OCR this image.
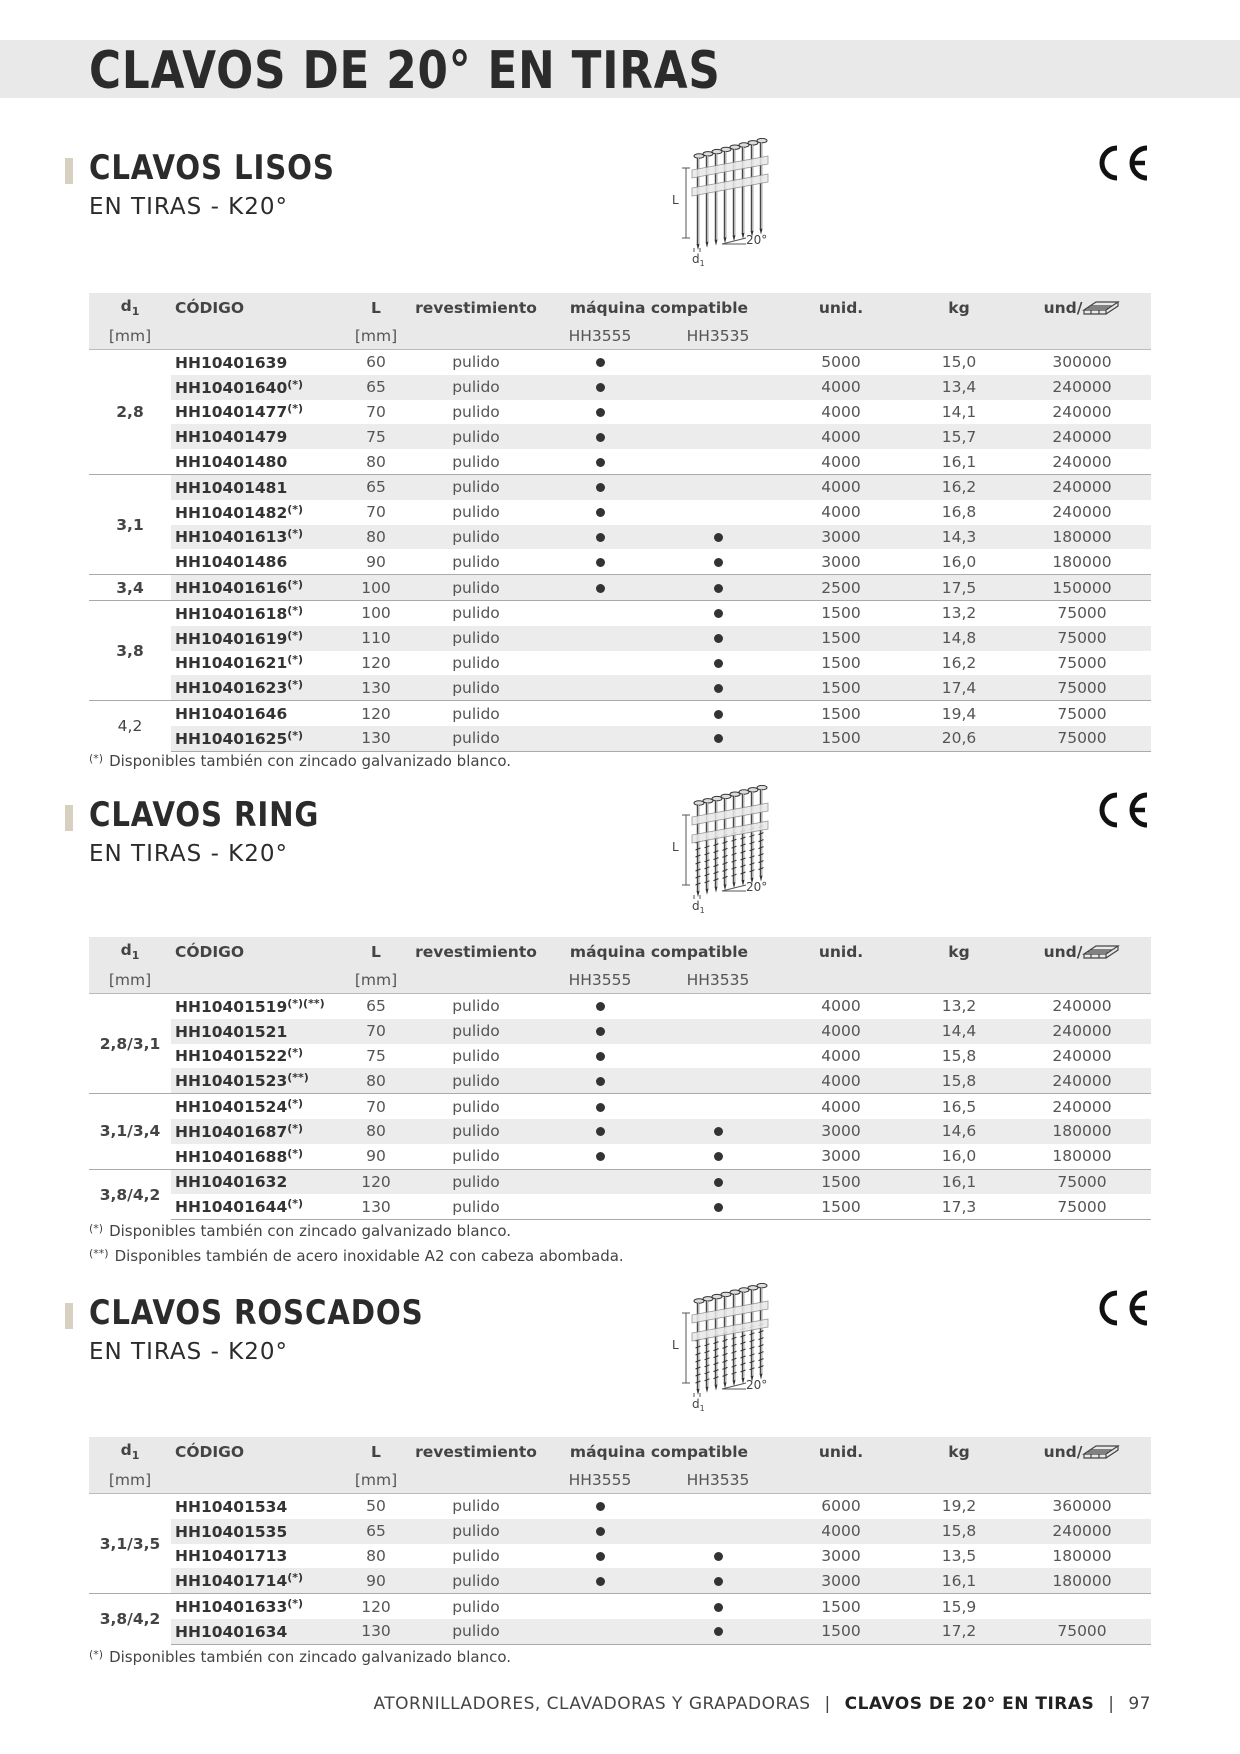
CLAVOS DE 20° EN TIRAS
CLAVOS LISOS
EN TIRAS - K20°	L
$d_1$
20°
$d_1$	CÓDIGO	L	revestimiento	máquina compatible		unid.	kg	und/
[mm]		[mm]		HH3555	HH3535			
2,8	HH10401639	60	pulido			5000	15,0	300000
	HH10401640(*)	65	pulido			4000	13,4	240000
	HH10401477(*)	70	pulido			4000	14,1	240000
	HH10401479	75	pulido			4000	15,7	240000
	HH10401480	80	pulido			4000	16,1	240000
3,1	HH10401481	65	pulido			4000	16,2	240000
	HH10401482(*)	70	pulido			4000	16,8	240000
	HH10401613(*)	80	pulido			3000	14,3	180000
	HH10401486	90	pulido			3000	16,0	180000
3,4	HH10401616(*)	100	pulido			2500	17,5	150000
3,8	HH10401618(*)	100	pulido			1500	13,2	75000
	HH10401619(*)	110	pulido			1500	14,8	75000
	HH10401621(*)	120	pulido			1500	16,2	75000
	HH10401623(*)	130	pulido			1500	17,4	75000
4,2	HH10401646	120	pulido			1500	19,4	75000
	HH10401625(*)	130	pulido			1500	20,6	75000
(*) Disponibles también con zincado galvanizado blanco.
CLAVOS RING
EN TIRAS - K20°	L
$d_1$
20°
$d_1$	CÓDIGO	L	revestimiento	máquina compatible		unid.	kg	und/
[mm]		[mm]		HH3555	HH3535			
2,8/3,1	HH10401519(*)(**)	65	pulido			4000	13,2	240000
	HH10401521	70	pulido			4000	14,4	240000
	HH10401522(*)	75	pulido			4000	15,8	240000
	HH10401523(**)	80	pulido			4000	15,8	240000
3,1/3,4	HH10401524(*)	70	pulido			4000	16,5	240000
	HH10401687(*)	80	pulido			3000	14,6	180000
	HH10401688(*)	90	pulido			3000	16,0	180000
3,8/4,2	HH10401632	120	pulido			1500	16,1	75000
	HH10401644(*)	130	pulido			1500	17,3	75000
(*) Disponibles también con zincado galvanizado blanco.
(**) Disponibles también de acero inoxidable A2 con cabeza abombada.
CLAVOS ROSCADOS
EN TIRAS - K20°	L
$d_1$
20°
$d_1$	CÓDIGO	L	revestimiento	máquina compatible		unid.	kg	und/
[mm]		[mm]		HH3555	HH3535			
3,1/3,5	HH10401534	50	pulido			6000	19,2	360000
	HH10401535	65	pulido			4000	15,8	240000
	HH10401713	80	pulido			3000	13,5	180000
	HH10401714(*)	90	pulido			3000	16,1	180000
3,8/4,2	HH10401633(*)	120	pulido			1500	15,9	
	HH10401634	130	pulido			1500	17,2	75000
(*) Disponibles también con zincado galvanizado blanco.
ATORNILLADORES, CLAVADORAS Y GRAPADORAS | CLAVOS DE 20° EN TIRAS | 97
